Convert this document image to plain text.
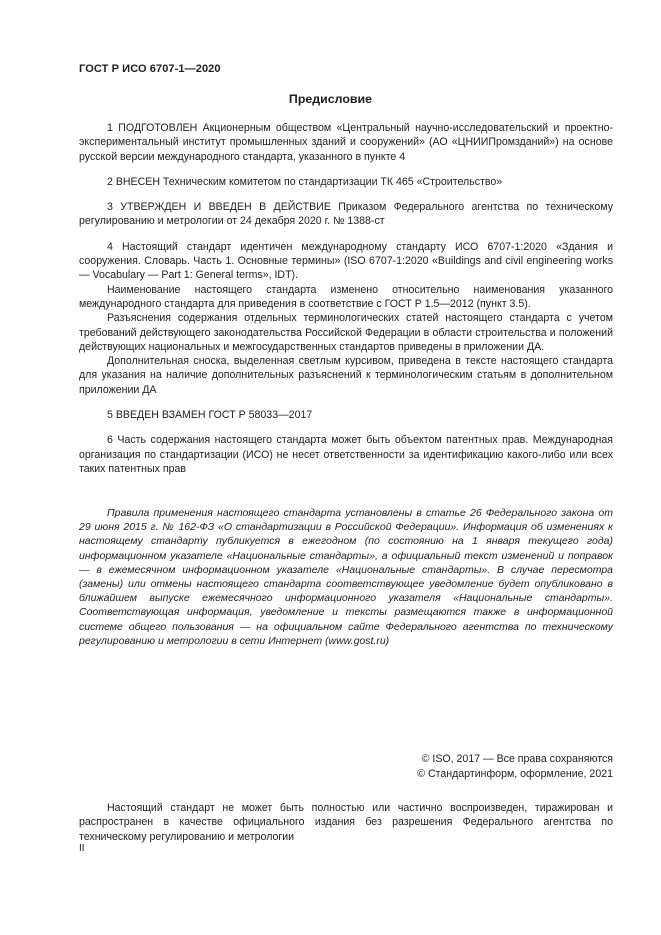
ГОСТ Р ИСО 6707-1—2020
Предисловие

1 ПОДГОТОВЛЕН Акционерным обществом «Центральный научно-исследовательский и проектно-экспериментальный институт промышленных зданий и сооружений» (АО «ЦНИИПромзданий») на основе русской версии международного стандарта, указанного в пункте 4

2 ВНЕСЕН Техническим комитетом по стандартизации ТК 465 «Строительство»

3 УТВЕРЖДЕН И ВВЕДЕН В ДЕЙСТВИЕ Приказом Федерального агентства по техническому регулированию и метрологии от 24 декабря 2020 г. № 1388-ст

4 Настоящий стандарт идентичен международному стандарту ИСО 6707-1:2020 «Здания и сооружения. Словарь. Часть 1. Основные термины» (ISO 6707-1:2020 «Buildings and civil engineering works — Vocabulary — Part 1: General terms», IDT).

Наименование настоящего стандарта изменено относительно наименования указанного международного стандарта для приведения в соответствие с ГОСТ Р 1.5—2012 (пункт 3.5).

Разъяснения содержания отдельных терминологических статей настоящего стандарта с учетом требований действующего законодательства Российской Федерации в области строительства и положений действующих национальных и межгосударственных стандартов приведены в приложении ДА.

Дополнительная сноска, выделенная светлым курсивом, приведена в тексте настоящего стандарта для указания на наличие дополнительных разъяснений к терминологическим статьям в дополнительном приложении ДА

5 ВВЕДЕН ВЗАМЕН ГОСТ Р 58033—2017

6 Часть содержания настоящего стандарта может быть объектом патентных прав. Международная организация по стандартизации (ИСО) не несет ответственности за идентификацию какого-либо или всех таких патентных прав

Правила применения настоящего стандарта установлены в статье 26 Федерального закона от 29 июня 2015 г. № 162-ФЗ «О стандартизации в Российской Федерации». Информация об изменениях к настоящему стандарту публикуется в ежегодном (по состоянию на 1 января текущего года) информационном указателе «Национальные стандарты», а официальный текст изменений и поправок — в ежемесячном информационном указателе «Национальные стандарты». В случае пересмотра (замены) или отмены настоящего стандарта соответствующее уведомление будет опубликовано в ближайшем выпуске ежемесячного информационного указателя «Национальные стандарты». Соответствующая информация, уведомление и тексты размещаются также в информационной системе общего пользования — на официальном сайте Федерального агентства по техническому регулированию и метрологии в сети Интернет (www.gost.ru)

© ISO, 2017 — Все права сохраняются
© Стандартинформ, оформление, 2021

Настоящий стандарт не может быть полностью или частично воспроизведен, тиражирован и распространен в качестве официального издания без разрешения Федерального агентства по техническому регулированию и метрологии

II
